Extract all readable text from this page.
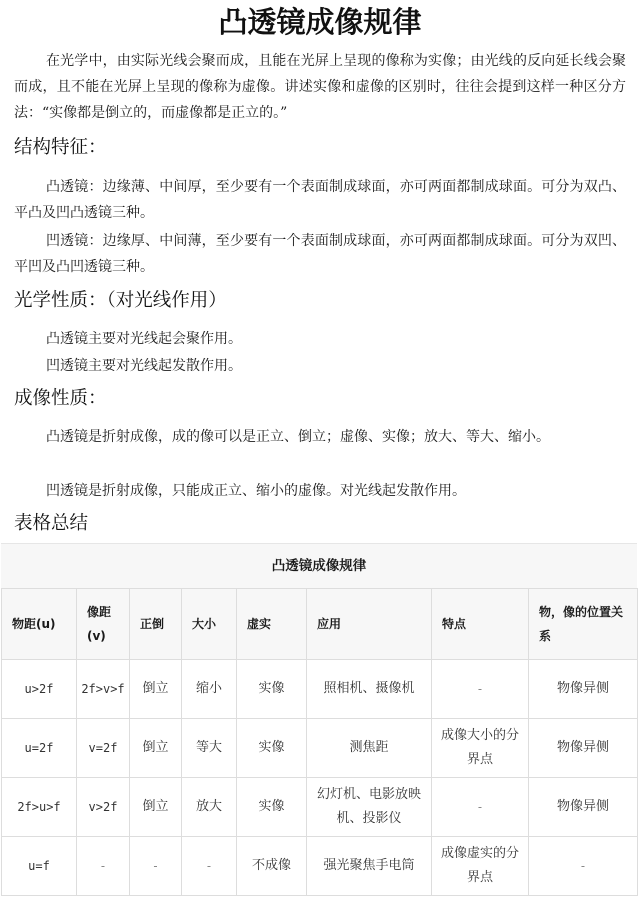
凸透镜成像规律
在光学中，由实际光线会聚而成，且能在光屏上呈现的像称为实像；由光线的反向延长线会聚而成，且不能在光屏上呈现的像称为虚像。讲述实像和虚像的区别时，往往会提到这样一种区分方法：“实像都是倒立的，而虚像都是正立的。”
结构特征：
凸透镜：边缘薄、中间厚，至少要有一个表面制成球面，亦可两面都制成球面。可分为双凸、平凸及凹凸透镜三种。
凹透镜：边缘厚、中间薄，至少要有一个表面制成球面，亦可两面都制成球面。可分为双凹、平凹及凸凹透镜三种。
光学性质：（对光线作用）
凸透镜主要对光线起会聚作用。
凹透镜主要对光线起发散作用。
成像性质：
凸透镜是折射成像，成的像可以是正立、倒立；虚像、实像；放大、等大、缩小。
凹透镜是折射成像，只能成正立、缩小的虚像。对光线起发散作用。
表格总结
凸透镜成像规律
物距(u)	像距(v)	正倒	大小	虚实	应用	特点	物，像的位置关系
u>2f	2f>v>f	倒立	缩小	实像	照相机、摄像机	-	物像异侧
u=2f	v=2f	倒立	等大	实像	测焦距	成像大小的分界点	物像异侧
2f>u>f	v>2f	倒立	放大	实像	幻灯机、电影放映机、投影仪	-	物像异侧
u=f	-	-	-	不成像	强光聚焦手电筒	成像虚实的分界点	-
